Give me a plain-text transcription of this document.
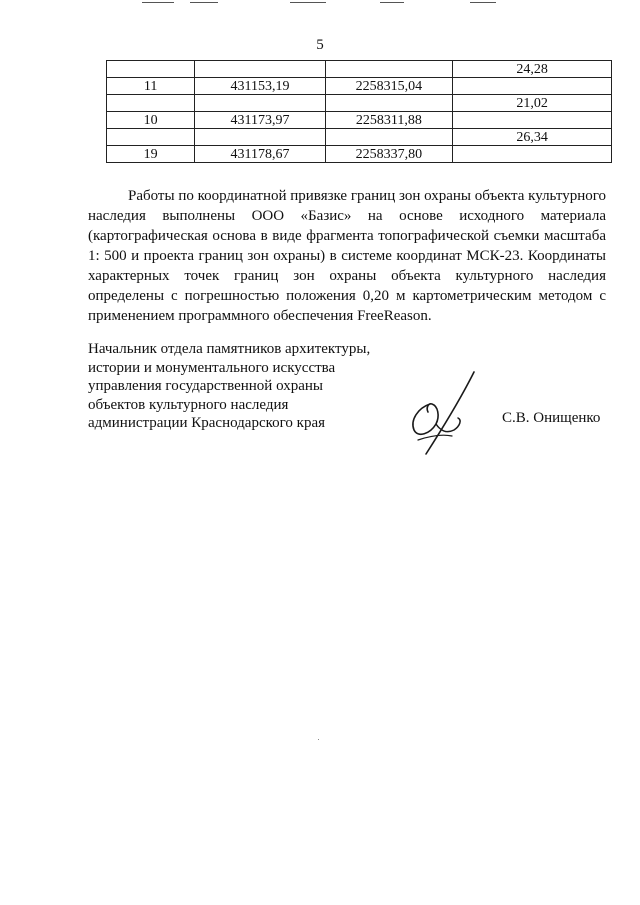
5
			24,28
11	431153,19	2258315,04	
			21,02
10	431173,97	2258311,88	
			26,34
19	431178,67	2258337,80	
Работы по координатной привязке границ зон охраны объекта культурного наследия выполнены ООО «Базис» на основе исходного материала (картографическая основа в виде фрагмента топографической съемки масштаба 1: 500 и проекта границ зон охраны) в системе координат МСК-23. Координаты характерных точек границ зон охраны объекта культурного наследия определены с погрешностью положения 0,20 м картометрическим методом с применением программного обеспечения FreeReason.
Начальник отдела памятников архитектуры,
истории и монументального искусства
управления государственной охраны
объектов культурного наследия
администрации Краснодарского края	С.В. Онищенко
